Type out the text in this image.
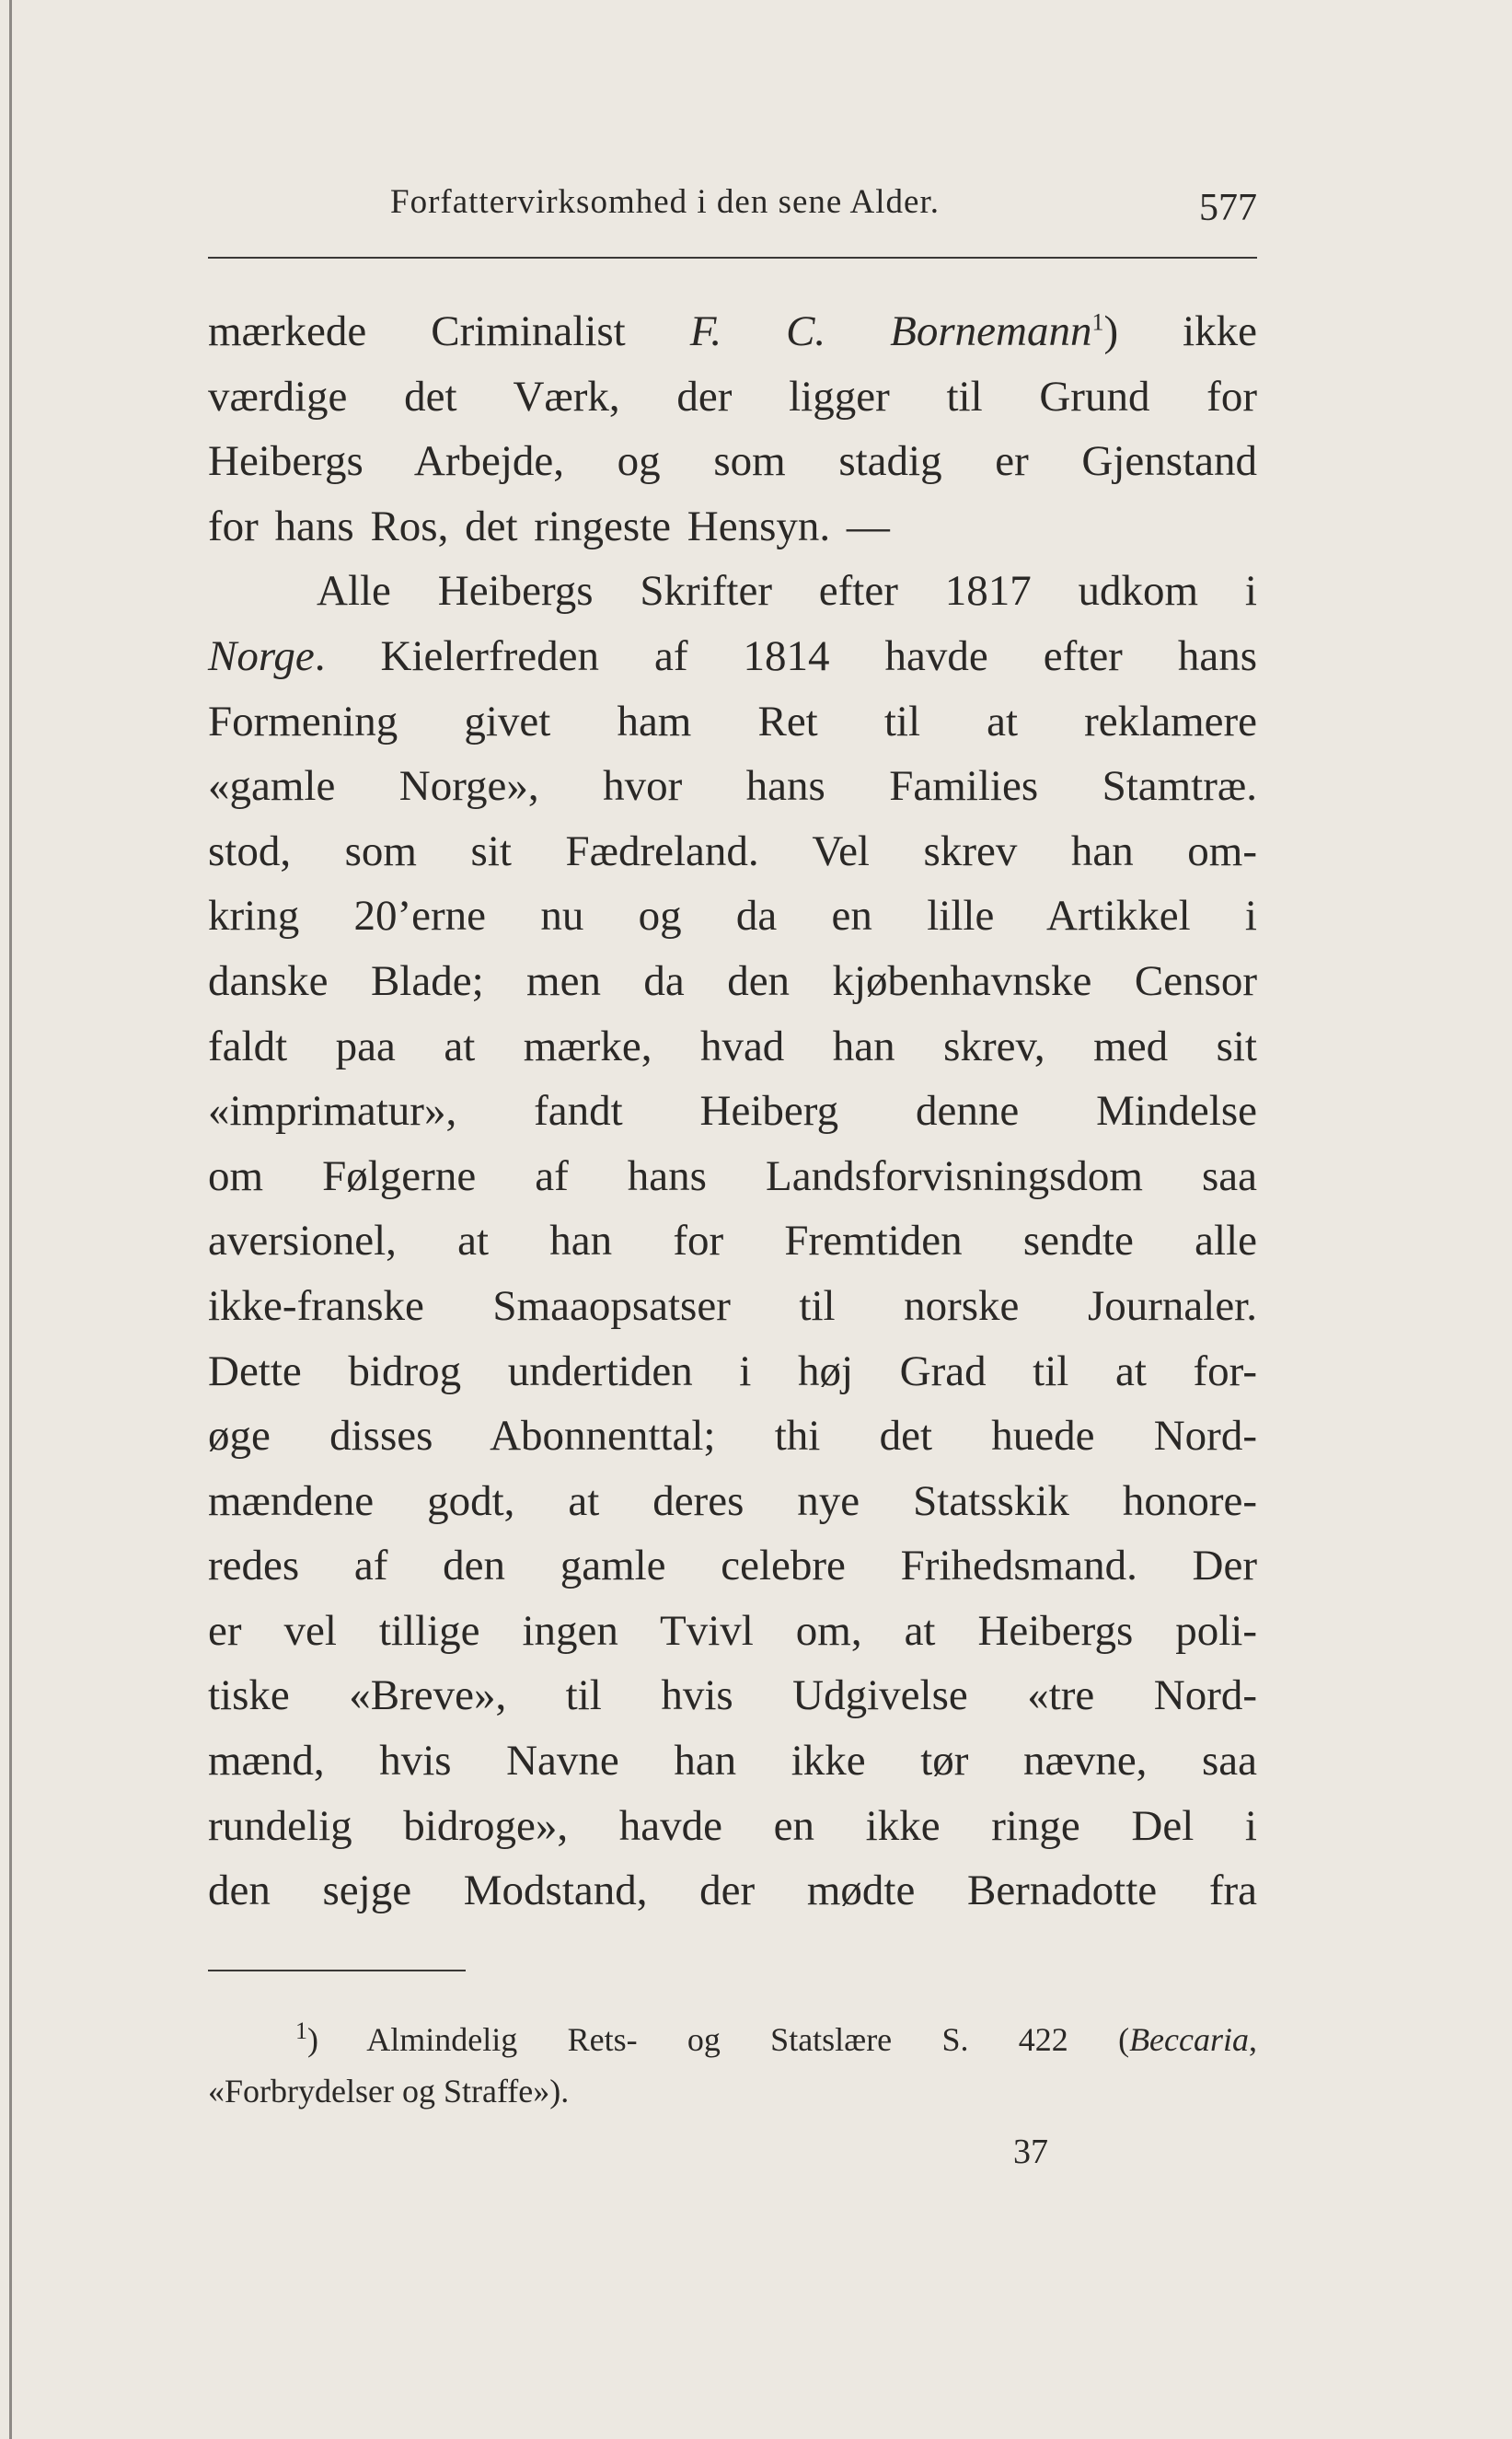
Forfattervirksomhed i den sene Alder.	577
mærkede Criminalist F. C. Bornemann$^1$) ikke
værdige det Værk, der ligger til Grund for
Heibergs Arbejde, og som stadig er Gjenstand
for hans Ros, det ringeste Hensyn. —
Alle Heibergs Skrifter efter 1817 udkom i
Norge. Kielerfreden af 1814 havde efter hans
Formening givet ham Ret til at reklamere
«gamle Norge», hvor hans Families Stamtræ.
stod, som sit Fædreland. Vel skrev han om-
kring 20’erne nu og da en lille Artikkel i
danske Blade; men da den kjøbenhavnske Censor
faldt paa at mærke, hvad han skrev, med sit
«imprimatur», fandt Heiberg denne Mindelse
om Følgerne af hans Landsforvisningsdom saa
aversionel, at han for Fremtiden sendte alle
ikke-franske Smaaopsatser til norske Journaler.
Dette bidrog undertiden i høj Grad til at for-
øge disses Abonnenttal; thi det huede Nord-
mændene godt, at deres nye Statsskik honore-
redes af den gamle celebre Frihedsmand. Der
er vel tillige ingen Tvivl om, at Heibergs poli-
tiske «Breve», til hvis Udgivelse «tre Nord-
mænd, hvis Navne han ikke tør nævne, saa
rundelig bidroge», havde en ikke ringe Del i
den sejge Modstand, der mødte Bernadotte fra
$^1$) Almindelig Rets- og Statslære S. 422 (Beccaria,
«Forbrydelser og Straffe»).
37
